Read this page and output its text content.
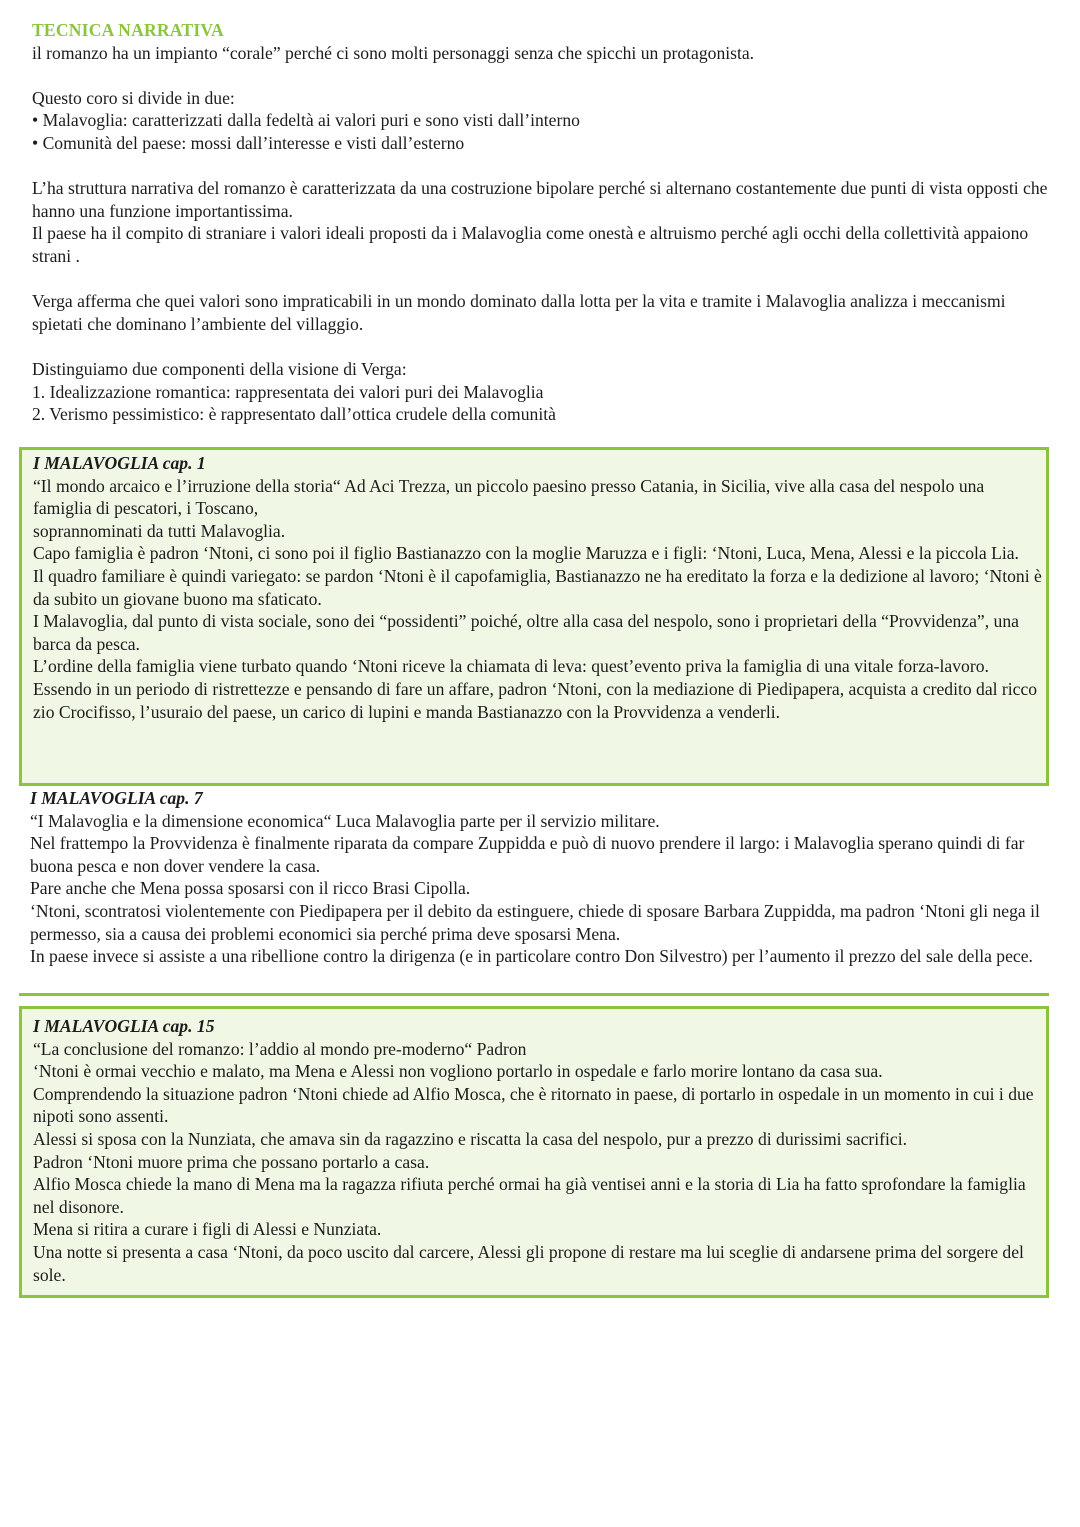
TECNICA NARRATIVA

il romanzo ha un impianto “corale” perché ci sono molti personaggi senza che spicchi un protagonista.

Questo coro si divide in due:

• Malavoglia: caratterizzati dalla fedeltà ai valori puri e sono visti dall’interno
• Comunità del paese: mossi dall’interesse e visti dall’esterno

L’ha struttura narrativa del romanzo è caratterizzata da una costruzione bipolare perché si alternano costantemente due punti di vista opposti che hanno una funzione importantissima.

Il paese ha il compito di straniare i valori ideali proposti da i Malavoglia come onestà e altruismo perché agli occhi della collettività appaiono strani .

Verga afferma che quei valori sono impraticabili in un mondo dominato dalla lotta per la vita e tramite i Malavoglia analizza i meccanismi spietati che dominano l’ambiente del villaggio.

Distinguiamo due componenti della visione di Verga:

1. Idealizzazione romantica: rappresentata dei valori puri dei Malavoglia

2. Verismo pessimistico: è rappresentato dall’ottica crudele della comunità

I MALAVOGLIA cap. 1

“Il mondo arcaico e l’irruzione della storia“ Ad Aci Trezza, un piccolo paesino presso Catania, in Sicilia, vive alla casa del nespolo una famiglia di pescatori, i Toscano,

soprannominati da tutti Malavoglia.

Capo famiglia è padron ‘Ntoni, ci sono poi il figlio Bastianazzo con la moglie Maruzza e i figli: ‘Ntoni, Luca, Mena, Alessi e la piccola Lia.

Il quadro familiare è quindi variegato: se pardon ‘Ntoni è il capofamiglia, Bastianazzo ne ha ereditato la forza e la dedizione al lavoro; ‘Ntoni è da subito un giovane buono ma sfaticato.

I Malavoglia, dal punto di vista sociale, sono dei “possidenti” poiché, oltre alla casa del nespolo, sono i proprietari della “Provvidenza”, una barca da pesca.

L’ordine della famiglia viene turbato quando ‘Ntoni riceve la chiamata di leva: quest’evento priva la famiglia di una vitale forza-lavoro.

Essendo in un periodo di ristrettezze e pensando di fare un affare, padron ‘Ntoni, con la mediazione di Piedipapera, acquista a credito dal ricco zio Crocifisso, l’usuraio del paese, un carico di lupini e manda Bastianazzo con la Provvidenza a venderli.

I MALAVOGLIA cap. 7

“I Malavoglia e la dimensione economica“ Luca Malavoglia parte per il servizio militare.

Nel frattempo la Provvidenza è finalmente riparata da compare Zuppidda e può di nuovo prendere il largo: i Malavoglia sperano quindi di far buona pesca e non dover vendere la casa.

Pare anche che Mena possa sposarsi con il ricco Brasi Cipolla.

‘Ntoni, scontratosi violentemente con Piedipapera per il debito da estinguere, chiede di sposare Barbara Zuppidda, ma padron ‘Ntoni gli nega il permesso, sia a causa dei problemi economici sia perché prima deve sposarsi Mena.

In paese invece si assiste a una ribellione contro la dirigenza (e in particolare contro Don Silvestro) per l’aumento il prezzo del sale della pece.

I MALAVOGLIA cap. 15

“La conclusione del romanzo: l’addio al mondo pre-moderno“ Padron

‘Ntoni è ormai vecchio e malato, ma Mena e Alessi non vogliono portarlo in ospedale e farlo morire lontano da casa sua.

Comprendendo la situazione padron ‘Ntoni chiede ad Alfio Mosca, che è ritornato in paese, di portarlo in ospedale in un momento in cui i due nipoti sono assenti.

Alessi si sposa con la Nunziata, che amava sin da ragazzino e riscatta la casa del nespolo, pur a prezzo di durissimi sacrifici.

Padron ‘Ntoni muore prima che possano portarlo a casa.

Alfio Mosca chiede la mano di Mena ma la ragazza rifiuta perché ormai ha già ventisei anni e la storia di Lia ha fatto sprofondare la famiglia nel disonore.

Mena si ritira a curare i figli di Alessi e Nunziata.

Una notte si presenta a casa ‘Ntoni, da poco uscito dal carcere, Alessi gli propone di restare ma lui sceglie di andarsene prima del sorgere del sole.
